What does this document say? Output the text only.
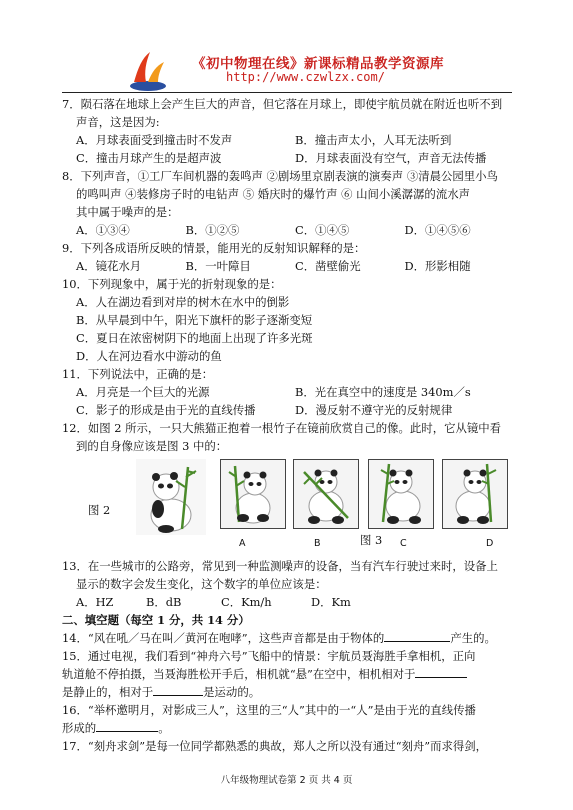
《初中物理在线》新课标精品教学资源库
http://www.czwlzx.com/

7．陨石落在地球上会产生巨大的声音，但它落在月球上，即使宇航员就在附近也听不到

声音，这是因为:

A．月球表面受到撞击时不发声	B．撞击声太小，人耳无法听到
C．撞击月球产生的是超声波	D．月球表面没有空气，声音无法传播

8．下列声音，①工厂车间机器的轰鸣声 ②剧场里京剧表演的演奏声 ③清晨公园里小鸟

的鸣叫声 ④装修房子时的电钻声 ⑤ 婚庆时的爆竹声 ⑥ 山间小溪潺潺的流水声

其中属于噪声的是：

A．①③④	B．①②⑤	C．①④⑤	D．①④⑤⑥

9．下列各成语所反映的情景，能用光的反射知识解释的是：

A．镜花水月	B．一叶障目	C．凿壁偷光	D．形影相随

10．下列现象中，属于光的折射现象的是：

A．人在湖边看到对岸的树木在水中的倒影
B．从早晨到中午，阳光下旗杆的影子逐渐变短
C．夏日在浓密树阴下的地面上出现了许多光斑
D．人在河边看水中游动的鱼

11．下列说法中，正确的是：

A．月亮是一个巨大的光源	B．光在真空中的速度是 340m／s
C．影子的形成是由于光的直线传播	D．漫反射不遵守光的反射规律

12．如图 2 所示，一只大熊猫正抱着一根竹子在镜前欣赏自己的像。此时，它从镜中看

到的自身像应该是图 3 中的：

图 2
A	B	图 3 C	D

13．在一些城市的公路旁，常见到一种监测噪声的设备，当有汽车行驶过来时，设备上

显示的数字会发生变化，这个数字的单位应该是：

A．HZ	B．dB	C．Km/h	D．Km

二、填空题（每空 1 分，共 14 分）

14．“风在吼／马在叫／黄河在咆哮”，这些声音都是由于物体的	产生的。

15．通过电视，我们看到“神舟六号”飞船中的情景：宇航员聂海胜手拿相机，正向

轨道舱不停拍摄，当聂海胜松开手后，相机就“悬”在空中，相机相对于

是静止的，相对于	是运动的。

16．“举杯邀明月，对影成三人”，这里的三“人”其中的一“人”是由于光的直线传播

形成的	。

17．“刻舟求剑”是每一位同学都熟悉的典故，郑人之所以没有通过“刻舟”而求得剑，

八年级物理试卷第 2 页 共 4 页
